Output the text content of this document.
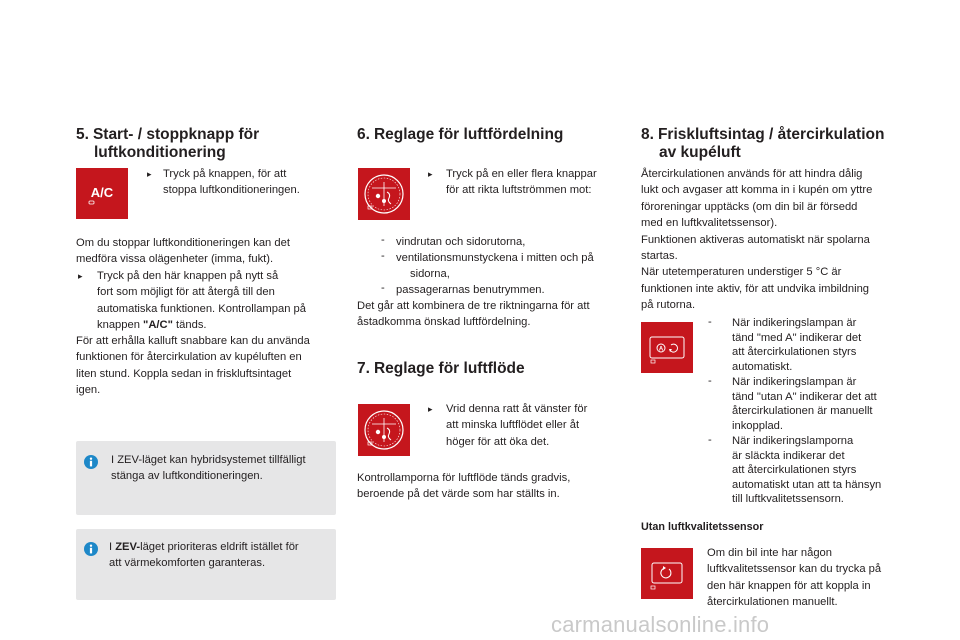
5. Start- / stoppknapp för
luftkonditionering
A/C
▸ Tryck på knappen, för att

stoppa luftkonditioneringen.

Om du stoppar luftkonditioneringen kan det

medföra vissa olägenheter (imma, fukt).

▸ Tryck på den här knappen på nytt så

fort som möjligt för att återgå till den

automatiska funktionen. Kontrollampan på

knappen "A/C" tänds.

För att erhålla kalluft snabbare kan du använda

funktionen för återcirkulation av kupéluften en

liten stund. Koppla sedan in friskluftsintaget

igen.

I ZEV-läget kan hybridsystemet tillfälligt

stänga av luftkonditioneringen.

I ZEV-läget prioriteras eldrift istället för

att värmekomforten garanteras.

6. Reglage för luftfördelning
▸ Tryck på en eller flera knappar

för att rikta luftströmmen mot:

- vindrutan och sidorutorna,

- ventilationsmunstyckena i mitten och på

sidorna,

- passagerarnas benutrymmen.

Det går att kombinera de tre riktningarna för att

åstadkomma önskad luftfördelning.

7. Reglage för luftflöde
▸ Vrid denna ratt åt vänster för

att minska luftflödet eller åt

höger för att öka det.

Kontrollamporna för luftflöde tänds gradvis,

beroende på det värde som har ställts in.

8. Friskluftsintag / återcirkulation
av kupéluft

Återcirkulationen används för att hindra dålig

lukt och avgaser att komma in i kupén om yttre

föroreningar upptäcks (om din bil är försedd

med en luftkvalitetssensor).

Funktionen aktiveras automatiskt när spolarna

startas.

När utetemperaturen understiger 5 °C är

funktionen inte aktiv, för att undvika imbildning

på rutorna.

A
- När indikeringslampan är

tänd "med A" indikerar det

att återcirkulationen styrs

automatiskt.

- När indikeringslampan är

tänd "utan A" indikerar det att

återcirkulationen är manuellt

inkopplad.

- När indikeringslamporna

är släckta indikerar det

att återcirkulationen styrs

automatiskt utan att ta hänsyn

till luftkvalitetssensorn.

Utan luftkvalitetssensor

Om din bil inte har någon

luftkvalitetssensor kan du trycka på

den här knappen för att koppla in

återcirkulationen manuellt.

carmanualsonline.info
